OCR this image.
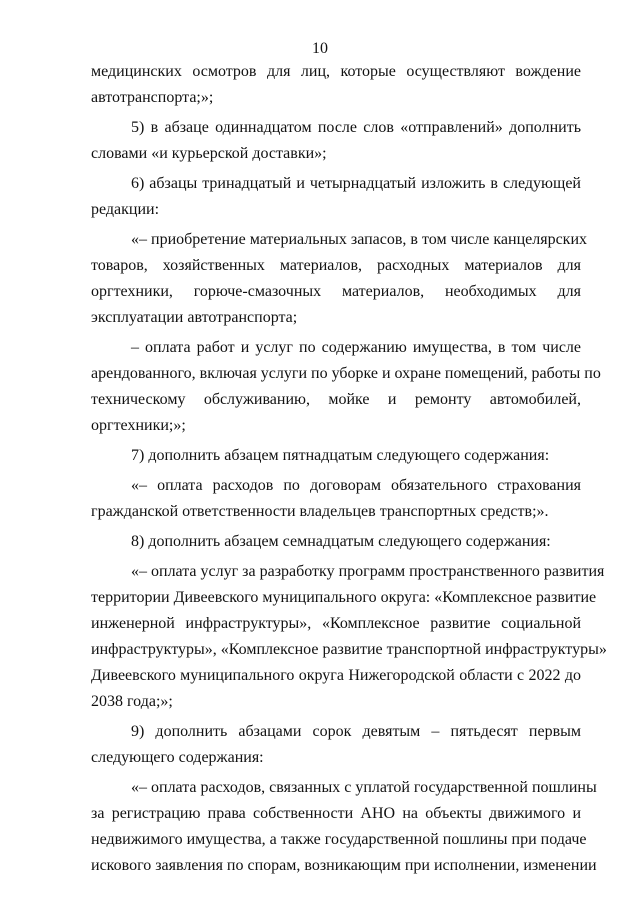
10
медицинских осмотров для лиц, которые осуществляют вождение
автотранспорта;»;
5) в абзаце одиннадцатом после слов «отправлений» дополнить
словами «и курьерской доставки»;
6) абзацы тринадцатый и четырнадцатый изложить в следующей
редакции:
«– приобретение материальных запасов, в том числе канцелярских
товаров, хозяйственных материалов, расходных материалов для
оргтехники, горюче-смазочных материалов, необходимых для
эксплуатации автотранспорта;
– оплата работ и услуг по содержанию имущества, в том числе
арендованного, включая услуги по уборке и охране помещений, работы по
техническому обслуживанию, мойке и ремонту автомобилей,
оргтехники;»;
7) дополнить абзацем пятнадцатым следующего содержания:
«– оплата расходов по договорам обязательного страхования
гражданской ответственности владельцев транспортных средств;».
8) дополнить абзацем семнадцатым следующего содержания:
«– оплата услуг за разработку программ пространственного развития
территории Дивеевского муниципального округа: «Комплексное развитие
инженерной инфраструктуры», «Комплексное развитие социальной
инфраструктуры», «Комплексное развитие транспортной инфраструктуры»
Дивеевского муниципального округа Нижегородской области с 2022 до
2038 года;»;
9) дополнить абзацами сорок девятым – пятьдесят первым
следующего содержания:
«– оплата расходов, связанных с уплатой государственной пошлины
за регистрацию права собственности АНО на объекты движимого и
недвижимого имущества, а также государственной пошлины при подаче
искового заявления по спорам, возникающим при исполнении, изменении
